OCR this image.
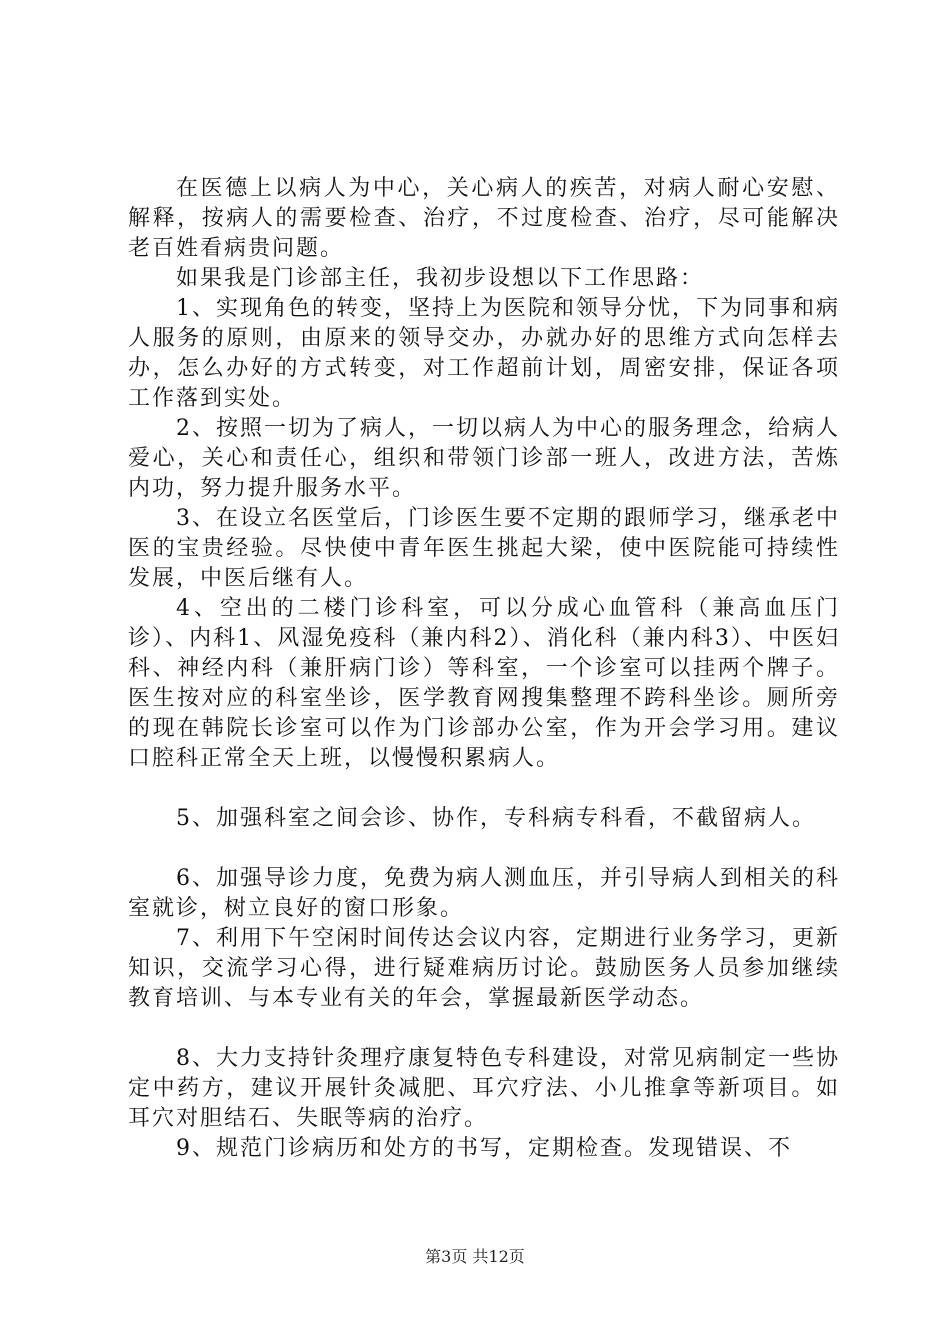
在医德上以病人为中心，关心病人的疾苦，对病人耐心安慰、解释，按病人的需要检查、治疗，不过度检查、治疗，尽可能解决老百姓看病贵问题。

如果我是门诊部主任，我初步设想以下工作思路：

1、实现角色的转变，坚持上为医院和领导分忧，下为同事和病人服务的原则，由原来的领导交办，办就办好的思维方式向怎样去办，怎么办好的方式转变，对工作超前计划，周密安排，保证各项工作落到实处。

2、按照一切为了病人，一切以病人为中心的服务理念，给病人爱心，关心和责任心，组织和带领门诊部一班人，改进方法，苦炼内功，努力提升服务水平。

3、在设立名医堂后，门诊医生要不定期的跟师学习，继承老中医的宝贵经验。尽快使中青年医生挑起大梁，使中医院能可持续性发展，中医后继有人。

4、空出的二楼门诊科室，可以分成心血管科（兼高血压门诊）、内科1、风湿免疫科（兼内科2）、消化科（兼内科3）、中医妇科、神经内科（兼肝病门诊）等科室，一个诊室可以挂两个牌子。医生按对应的科室坐诊，医学教育网搜集整理不跨科坐诊。厕所旁的现在韩院长诊室可以作为门诊部办公室，作为开会学习用。建议口腔科正常全天上班，以慢慢积累病人。

5、加强科室之间会诊、协作，专科病专科看，不截留病人。

6、加强导诊力度，免费为病人测血压，并引导病人到相关的科室就诊，树立良好的窗口形象。

7、利用下午空闲时间传达会议内容，定期进行业务学习，更新知识，交流学习心得，进行疑难病历讨论。鼓励医务人员参加继续教育培训、与本专业有关的年会，掌握最新医学动态。

8、大力支持针灸理疗康复特色专科建设，对常见病制定一些协定中药方，建议开展针灸减肥、耳穴疗法、小儿推拿等新项目。如耳穴对胆结石、失眠等病的治疗。

9、规范门诊病历和处方的书写，定期检查。发现错误、不

第3页 共12页
